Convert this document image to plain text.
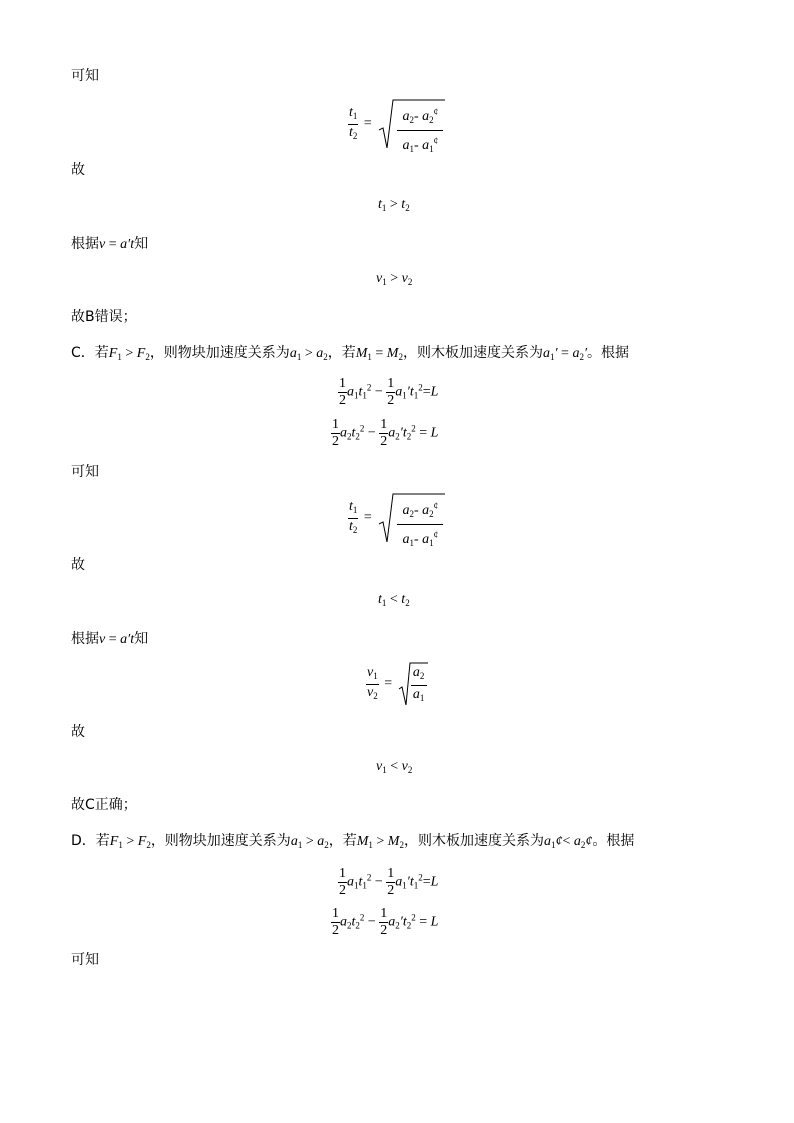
可知
$\frac{t_1}{t_2}$ =	$a_2-$ $a_2^¢$
$a_1-$ $a_1^¢$
故
$t_1 > t_2$
根据v = a′t知
$v_1 > v_2$
故B错误；
C．若$F_1 > F_2$，则物块加速度关系为$a_1 > a_2$，若$M_1 = M_2$，则木板加速度关系为$a_1' = a_2'$。根据
$\frac{1}{2} a_1t_1^2 - \frac{1}{2} a_1't_1^2=L$
$\frac{1}{2} a_2t_2^2 - \frac{1}{2} a_2't_2^2 = L$
可知
$\frac{t_1}{t_2}$ =	$a_2-$ $a_2^¢$
$a_1-$ $a_1^¢$
故
$t_1 < t_2$
根据v = a′t知
$\frac{v_1}{v_2}$ =
$a_2$
$a_1$
故
$v_1 < v_2$
故C正确；
D．若$F_1 > F_2$，则物块加速度关系为$a_1 > a_2$，若$M_1 > M_2$，则木板加速度关系为$a_1¢<$ $a_2¢$。根据
$\frac{1}{2} a_1t_1^2 - \frac{1}{2} a_1't_1^2=L$
$\frac{1}{2} a_2t_2^2 - \frac{1}{2} a_2't_2^2 = L$
可知
